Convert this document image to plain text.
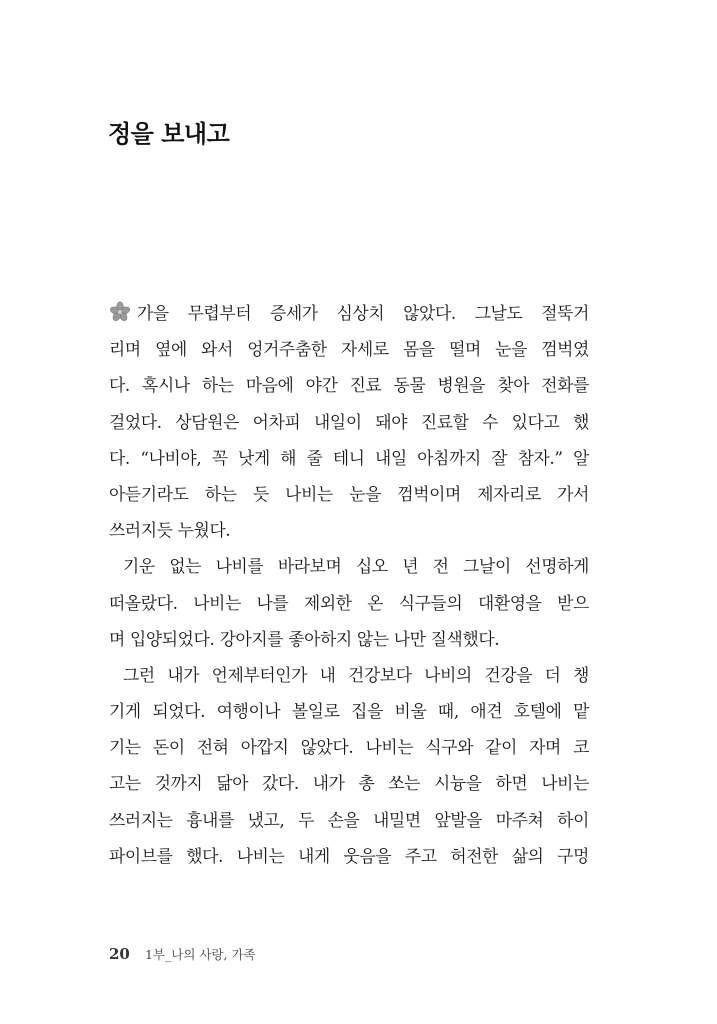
정을 보내고
가을 무렵부터 증세가 심상치 않았다. 그날도 절뚝거
리며 옆에 와서 엉거주춤한 자세로 몸을 떨며 눈을 껌벅였
다. 혹시나 하는 마음에 야간 진료 동물 병원을 찾아 전화를
걸었다. 상담원은 어차피 내일이 돼야 진료할 수 있다고 했
다. “나비야, 꼭 낫게 해 줄 테니 내일 아침까지 잘 참자.” 알
아듣기라도 하는 듯 나비는 눈을 껌벅이며 제자리로 가서
쓰러지듯 누웠다.
기운 없는 나비를 바라보며 십오 년 전 그날이 선명하게
떠올랐다. 나비는 나를 제외한 온 식구들의 대환영을 받으
며 입양되었다. 강아지를 좋아하지 않는 나만 질색했다.
그런 내가 언제부터인가 내 건강보다 나비의 건강을 더 챙
기게 되었다. 여행이나 볼일로 집을 비울 때, 애견 호텔에 맡
기는 돈이 전혀 아깝지 않았다. 나비는 식구와 같이 자며 코
고는 것까지 닮아 갔다. 내가 총 쏘는 시늉을 하면 나비는
쓰러지는 흉내를 냈고, 두 손을 내밀면 앞발을 마주쳐 하이
파이브를 했다. 나비는 내게 웃음을 주고 허전한 삶의 구멍
20 1부_나의 사랑, 가족
